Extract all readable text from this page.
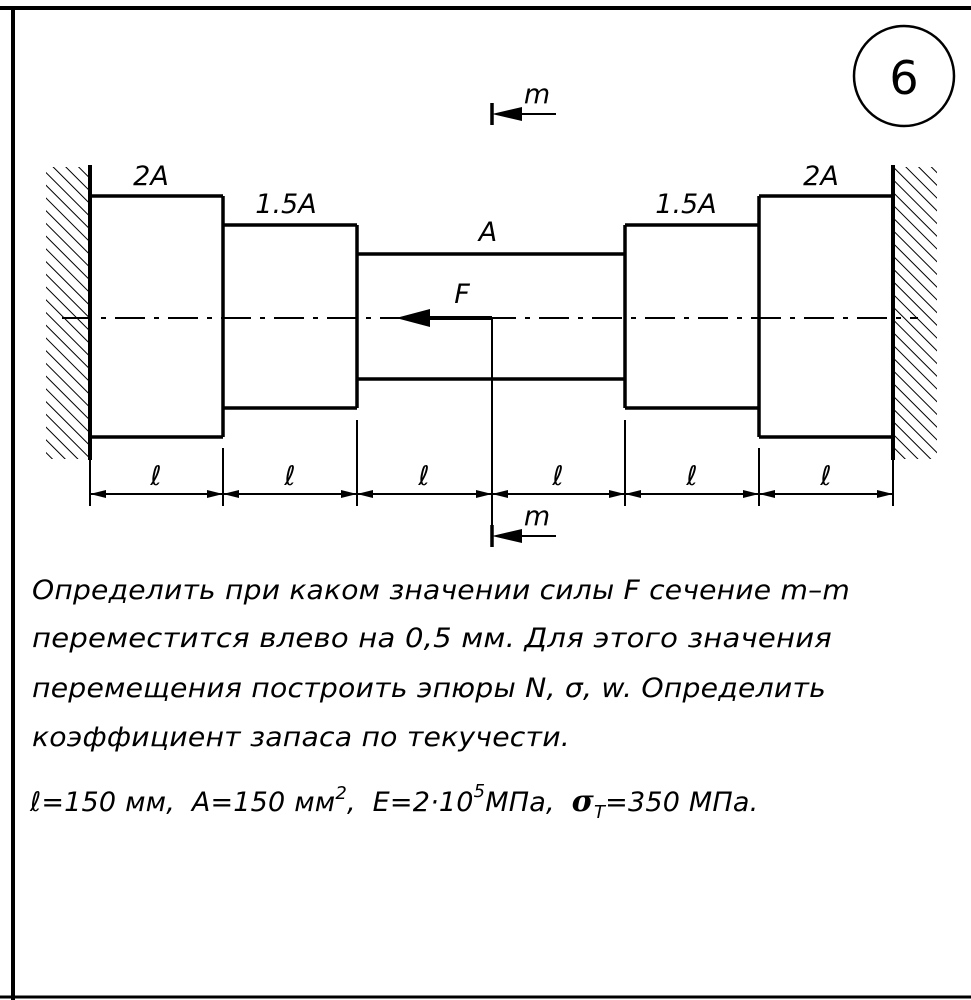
6
2A
1.5A
A
1.5A
2A
F
m
m
ℓ	ℓ	ℓ	ℓ	ℓ	ℓ
Определить при каком значении силы F сечение m–m
переместится влево на 0,5 мм. Для этого значения
перемещения построить эпюры N, σ, w. Определить
коэффициент запаса по текучести.
ℓ=150 мм, A=150 $мм^2$, $E=2\cdot 10^5МПа$, $\sigma_Т=350$ МПа.
